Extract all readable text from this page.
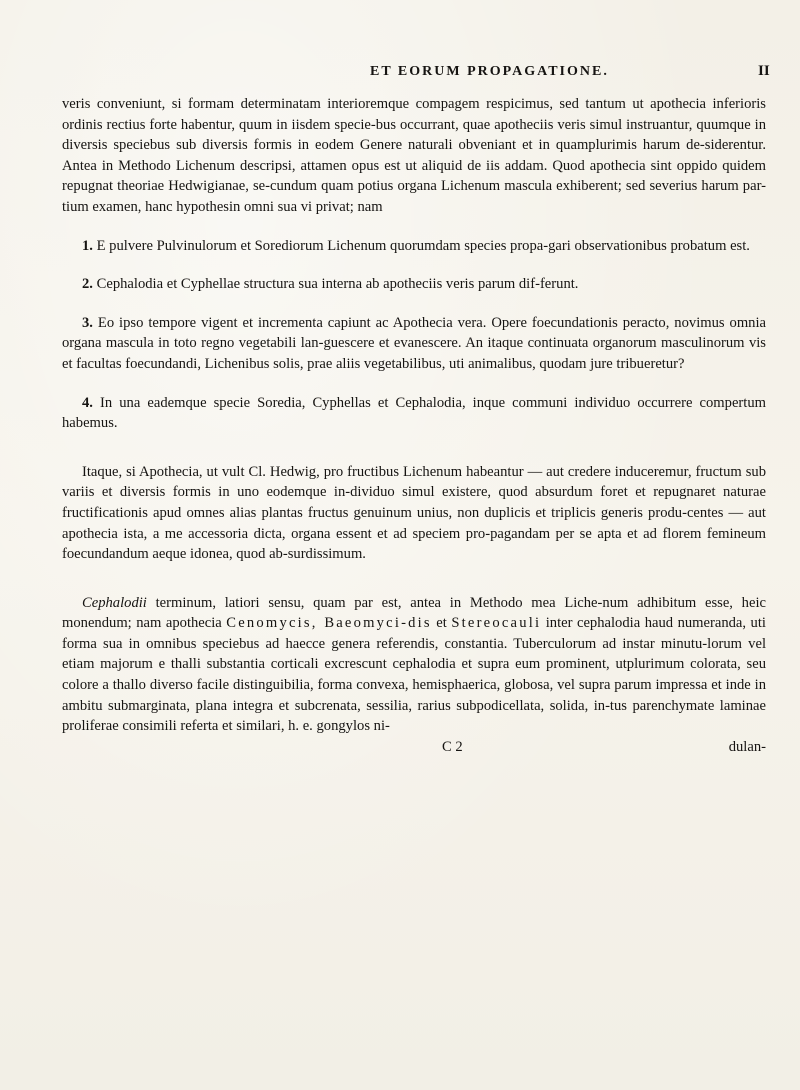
ET EORUM PROPAGATIONE.	II

veris conveniunt, si formam determinatam interioremque compagem respicimus, sed tantum ut apothecia inferioris ordinis rectius forte habentur, quum in iisdem specie-bus occurrant, quae apotheciis veris simul instruantur, quumque in diversis speciebus sub diversis formis in eodem Genere naturali obveniant et in quamplurimis harum de-siderentur. Antea in Methodo Lichenum descripsi, attamen opus est ut aliquid de iis addam. Quod apothecia sint oppido quidem repugnat theoriae Hedwigianae, se-cundum quam potius organa Lichenum mascula exhiberent; sed severius harum par-tium examen, hanc hypothesin omni sua vi privat; nam

1. E pulvere Pulvinulorum et Sorediorum Lichenum quorumdam species propa-gari observationibus probatum est.

2. Cephalodia et Cyphellae structura sua interna ab apotheciis veris parum dif-ferunt.

3. Eo ipso tempore vigent et incrementa capiunt ac Apothecia vera. Opere foecundationis peracto, novimus omnia organa mascula in toto regno vegetabili lan-guescere et evanescere. An itaque continuata organorum masculinorum vis et facultas foecundandi, Lichenibus solis, prae aliis vegetabilibus, uti animalibus, quodam jure tribueretur?

4. In una eademque specie Soredia, Cyphellas et Cephalodia, inque communi individuo occurrere compertum habemus.

Itaque, si Apothecia, ut vult Cl. Hedwig, pro fructibus Lichenum habeantur — aut credere induceremur, fructum sub variis et diversis formis in uno eodemque in-dividuo simul existere, quod absurdum foret et repugnaret naturae fructificationis apud omnes alias plantas fructus genuinum unius, non duplicis et triplicis generis produ-centes — aut apothecia ista, a me accessoria dicta, organa essent et ad speciem pro-pagandam per se apta et ad florem femineum foecundandum aeque idonea, quod ab-surdissimum.

Cephalodii terminum, latiori sensu, quam par est, antea in Methodo mea Liche-num adhibitum esse, heic monendum; nam apothecia Cenomycis, Baeomyci-dis et Stereocauli inter cephalodia haud numeranda, uti forma sua in omnibus speciebus ad haecce genera referendis, constantia. Tuberculorum ad instar minutu-lorum vel etiam majorum e thalli substantia corticali excrescunt cephalodia et supra eum prominent, utplurimum colorata, seu colore a thallo diverso facile distinguibilia, forma convexa, hemisphaerica, globosa, vel supra parum impressa et inde in ambitu submarginata, plana integra et subcrenata, sessilia, rarius subpodicellata, solida, in-tus parenchymate laminae proliferae consimili referta et similari, h. e. gongylos ni-

C 2	dulan-
